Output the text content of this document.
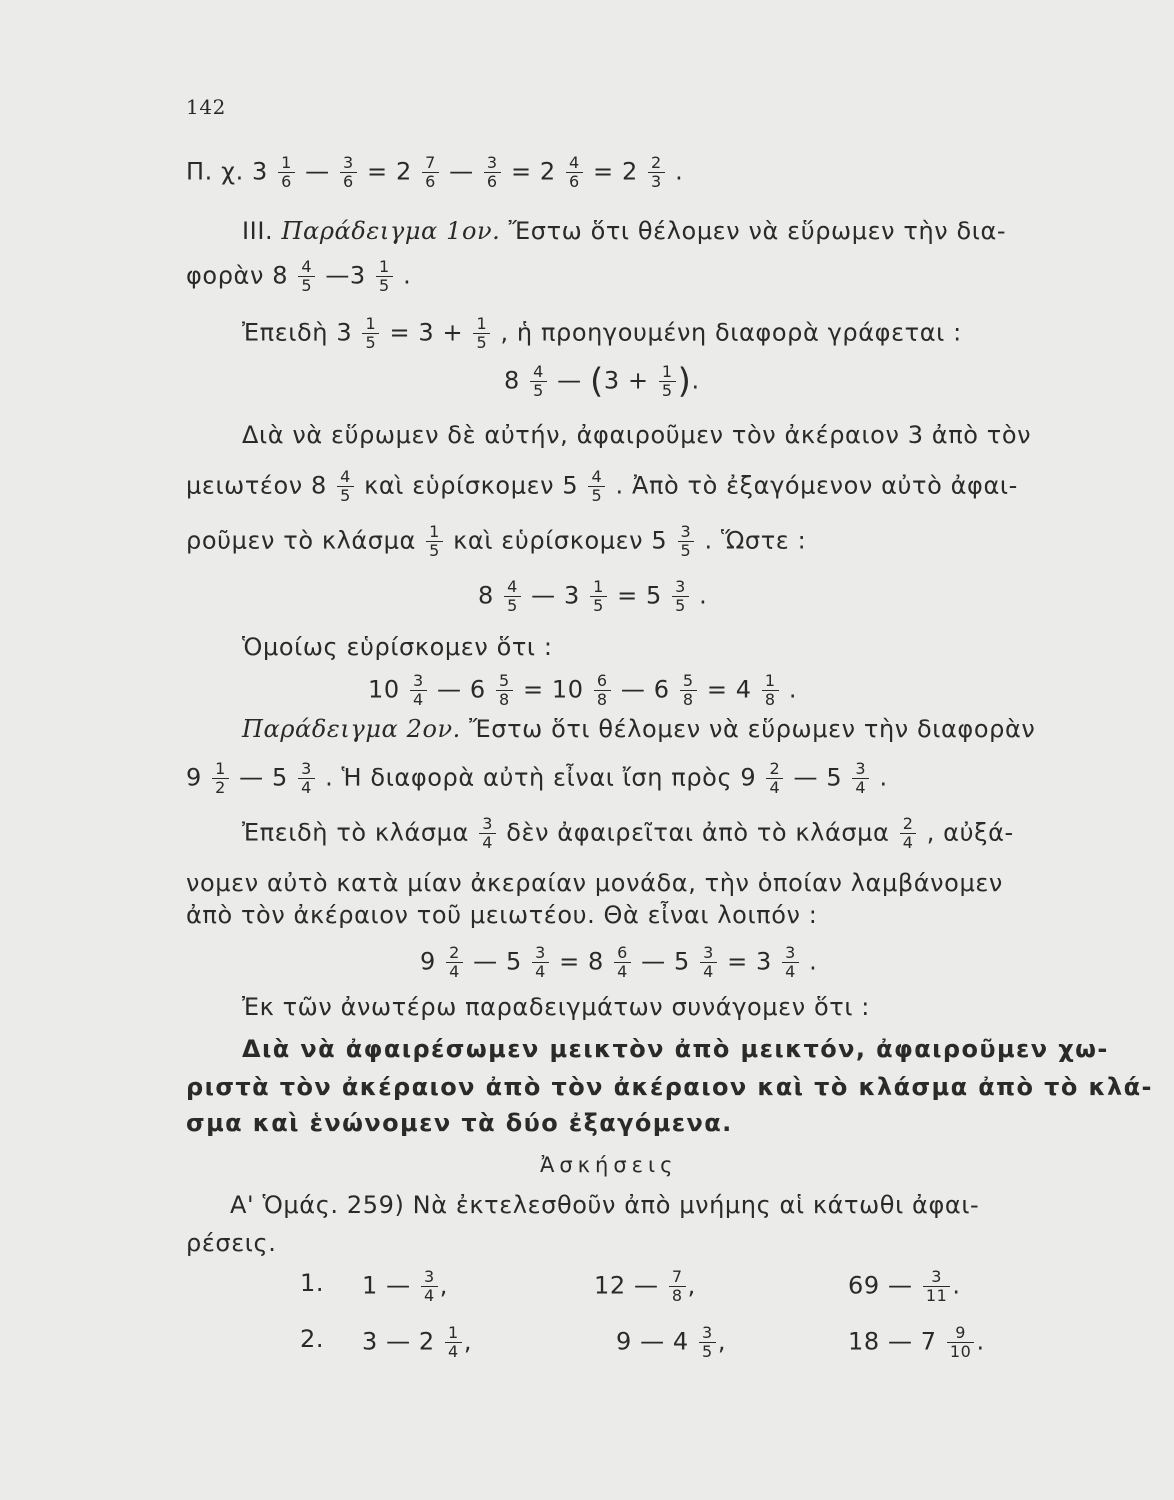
142
Π. χ. $3 \frac{1}{6}$ — $\frac{3}{6} = 2 \frac{7}{6}$ — $\frac{3}{6} = 2 \frac{4}{6} = 2 \frac{2}{3}$ .
III. Παράδειγμα 1ον. Ἔστω ὅτι θέλομεν νὰ εὕρωμεν τὴν δια-
φορὰν $8 \frac{4}{5}$ —3 $\frac{1}{5}$ .
Ἐπειδὴ $3 \frac{1}{5} = 3 + \frac{1}{5}$ , ἡ προηγουμένη διαφορὰ γράφεται :
$8 \frac{4}{5}$ — ($3 + \frac{1}{5}$ ).
Διὰ νὰ εὕρωμεν δὲ αὐτήν, ἀφαιροῦμεν τὸν ἀκέραιον 3 ἀπὸ τὸν
μειωτέον $8 \frac{4}{5}$ καὶ εὑρίσκομεν $5 \frac{4}{5}$ . Ἀπὸ τὸ ἐξαγόμενον αὐτὸ ἀφαι-
ροῦμεν τὸ κλάσμα $\frac{1}{5}$ καὶ εὑρίσκομεν $5 \frac{3}{5}$ . Ὥστε :
$8 \frac{4}{5}$ — $3 \frac{1}{5} = 5 \frac{3}{5}$ .
Ὁμοίως εὑρίσκομεν ὅτι :
$10 \frac{3}{4}$ — $6 \frac{5}{8} = 10 \frac{6}{8}$ — $6 \frac{5}{8} = 4 \frac{1}{8}$ .
Παράδειγμα 2ον. Ἔστω ὅτι θέλομεν νὰ εὕρωμεν τὴν διαφορὰν
$9 \frac{1}{2}$ — $5 \frac{3}{4}$ . Ἡ διαφορὰ αὐτὴ εἶναι ἴση πρὸς $9 \frac{2}{4}$ — $5 \frac{3}{4}$ .
Ἐπειδὴ τὸ κλάσμα $\frac{3}{4}$ δὲν ἀφαιρεῖται ἀπὸ τὸ κλάσμα $\frac{2}{4}$ , αὐξά-
νομεν αὐτὸ κατὰ μίαν ἀκεραίαν μονάδα, τὴν ὁποίαν λαμβάνομεν
ἀπὸ τὸν ἀκέραιον τοῦ μειωτέου. Θὰ εἶναι λοιπόν :
$9 \frac{2}{4}$ — $5 \frac{3}{4} = 8 \frac{6}{4}$ — $5 \frac{3}{4} = 3 \frac{3}{4}$ .
Ἐκ τῶν ἀνωτέρω παραδειγμάτων συνάγομεν ὅτι :
Διὰ νὰ ἀφαιρέσωμεν μεικτὸν ἀπὸ μεικτόν, ἀφαιροῦμεν χω-
ριστὰ τὸν ἀκέραιον ἀπὸ τὸν ἀκέραιον καὶ τὸ κλάσμα ἀπὸ τὸ κλά-
σμα καὶ ἑνώνομεν τὰ δύο ἐξαγόμενα.
Ἀσκήσεις
Α' Ὁμάς. 259) Νὰ ἐκτελεσθοῦν ἀπὸ μνήμης αἱ κάτωθι ἀφαι-
ρέσεις.
1. 1 — $\frac{3}{4}$ ,	12 — $\frac{7}{8}$ ,	69 — $\frac{3}{11}$ .
2. 3 — $2 \frac{1}{4}$ ,	9 — $4 \frac{3}{5}$ ,	18 — $7 \frac{9}{10}$ .
